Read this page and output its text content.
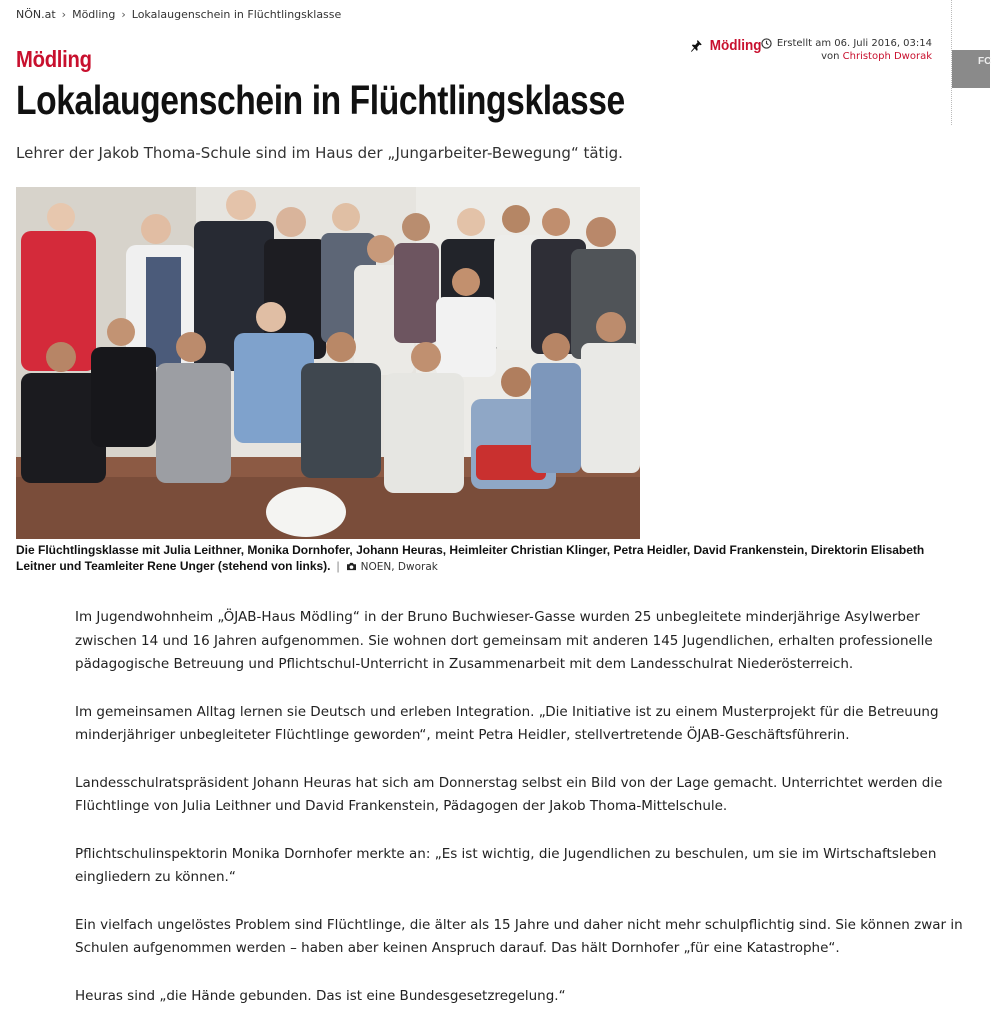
NÖN.at › Mödling › Lokalaugenschein in Flüchtlingsklasse
FC
Mödling
Lokalaugenschein in Flüchtlingsklasse
Lehrer der Jakob Thoma-Schule sind im Haus der „Jungarbeiter-Bewegung“ tätig.
Mödling Erstellt am 06. Juli 2016, 03:14
von Christoph Dworak
Die Flüchtlingsklasse mit Julia Leithner, Monika Dornhofer, Johann Heuras, Heimleiter Christian Klinger, Petra Heidler, David Frankenstein, Direktorin Elisabeth Leitner und Teamleiter Rene Unger (stehend von links). | NOEN, Dworak

Im Jugendwohnheim „ÖJAB-Haus Mödling“ in der Bruno Buchwieser-Gasse wurden 25 unbegleitete minderjährige Asylwerber zwischen 14 und 16 Jahren aufgenommen. Sie wohnen dort gemeinsam mit anderen 145 Jugendlichen, erhalten professionelle pädagogische Betreuung und Pflichtschul-Unterricht in Zusammenarbeit mit dem Landesschulrat Niederösterreich.

Im gemeinsamen Alltag lernen sie Deutsch und erleben Integration. „Die Initiative ist zu einem Musterprojekt für die Betreuung minderjähriger unbegleiteter Flüchtlinge geworden“, meint Petra Heidler, stellvertretende ÖJAB-Geschäftsführerin.

Landesschulratspräsident Johann Heuras hat sich am Donnerstag selbst ein Bild von der Lage gemacht. Unterrichtet werden die Flüchtlinge von Julia Leithner und David Frankenstein, Pädagogen der Jakob Thoma-Mittelschule.

Pflichtschulinspektorin Monika Dornhofer merkte an: „Es ist wichtig, die Jugendlichen zu beschulen, um sie im Wirtschaftsleben eingliedern zu können.“

Ein vielfach ungelöstes Problem sind Flüchtlinge, die älter als 15 Jahre und daher nicht mehr schulpflichtig sind. Sie können zwar in Schulen aufgenommen werden – haben aber keinen Anspruch darauf. Das hält Dornhofer „für eine Katastrophe“.

Heuras sind „die Hände gebunden. Das ist eine Bundesgesetzregelung.“
